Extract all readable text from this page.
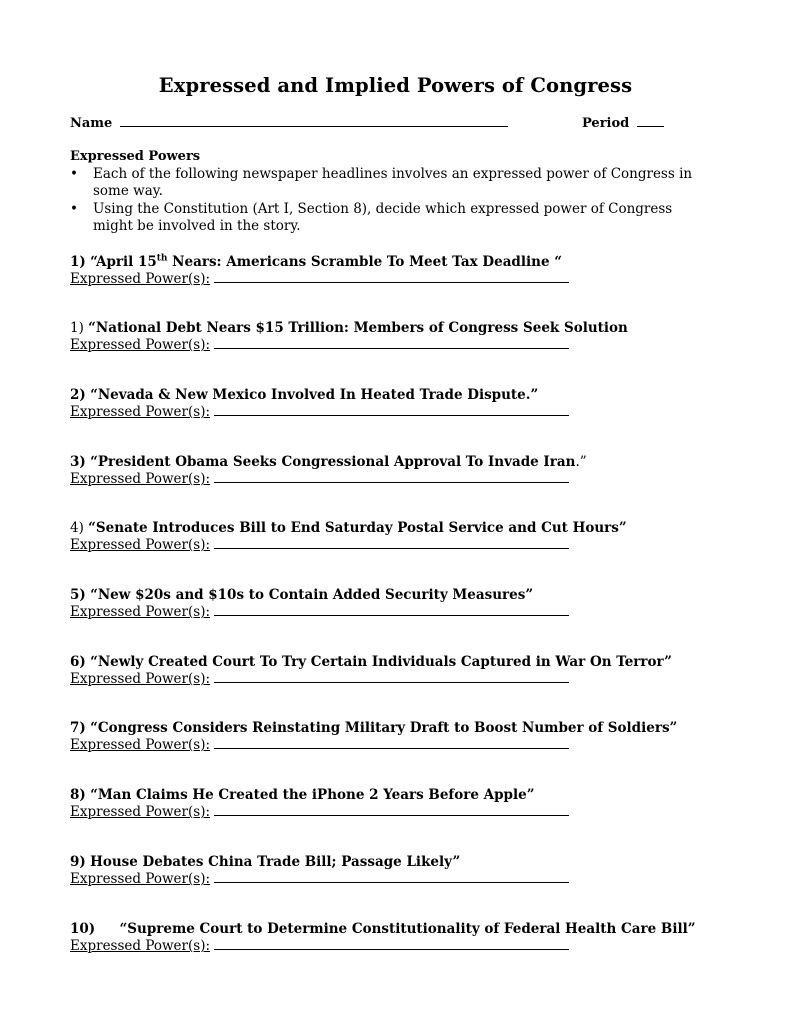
Expressed and Implied Powers of Congress
Name	Period
Expressed Powers
• Each of the following newspaper headlines involves an expressed power of Congress in some way.
• Using the Constitution (Art I, Section 8), decide which expressed power of Congress might be involved in the story.
1) “April 15th Nears: Americans Scramble To Meet Tax Deadline “
Expressed Power(s):
1) “National Debt Nears $15 Trillion: Members of Congress Seek Solution
Expressed Power(s):
2) “Nevada & New Mexico Involved In Heated Trade Dispute.”
Expressed Power(s):
3) “President Obama Seeks Congressional Approval To Invade Iran.”
Expressed Power(s):
4) “Senate Introduces Bill to End Saturday Postal Service and Cut Hours”
Expressed Power(s):
5) “New $20s and $10s to Contain Added Security Measures”
Expressed Power(s):
6) “Newly Created Court To Try Certain Individuals Captured in War On Terror”
Expressed Power(s):
7) “Congress Considers Reinstating Military Draft to Boost Number of Soldiers”
Expressed Power(s):
8) “Man Claims He Created the iPhone 2 Years Before Apple”
Expressed Power(s):
9) House Debates China Trade Bill; Passage Likely”
Expressed Power(s):
10) “Supreme Court to Determine Constitutionality of Federal Health Care Bill”
Expressed Power(s):
